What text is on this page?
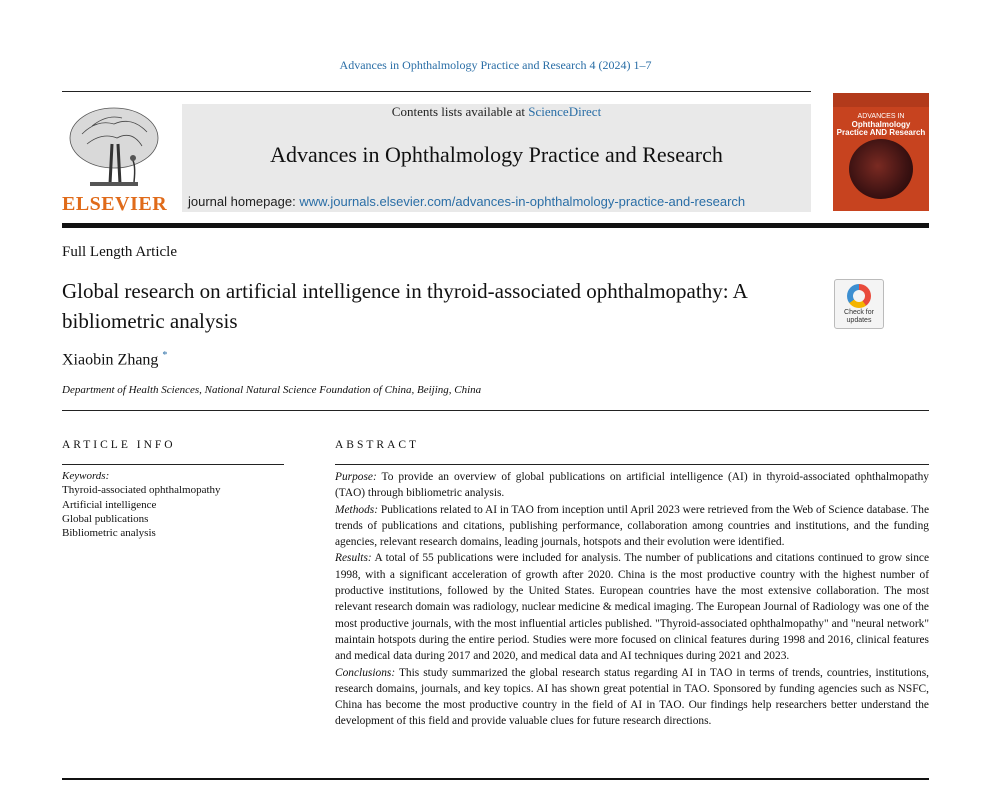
Advances in Ophthalmology Practice and Research 4 (2024) 1–7
ELSEVIER
Contents lists available at ScienceDirect
Advances in Ophthalmology Practice and Research
journal homepage: www.journals.elsevier.com/advances-in-ophthalmology-practice-and-research
ADVANCES IN
Ophthalmology
Practice AND Research
Full Length Article
Global research on artificial intelligence in thyroid-associated ophthalmopathy: A bibliometric analysis
Xiaobin Zhang *
Department of Health Sciences, National Natural Science Foundation of China, Beijing, China
Check for
updates
ARTICLE INFO	ABSTRACT
Keywords:
Thyroid-associated ophthalmopathy
Artificial intelligence
Global publications
Bibliometric analysis

Purpose: To provide an overview of global publications on artificial intelligence (AI) in thyroid-associated ophthalmopathy (TAO) through bibliometric analysis.

Methods: Publications related to AI in TAO from inception until April 2023 were retrieved from the Web of Science database. The trends of publications and citations, publishing performance, collaboration among countries and institutions, and the funding agencies, relevant research domains, leading journals, hotspots and their evolution were identified.

Results: A total of 55 publications were included for analysis. The number of publications and citations continued to grow since 1998, with a significant acceleration of growth after 2020. China is the most productive country with the highest number of productive institutions, followed by the United States. European countries have the most extensive collaboration. The most relevant research domain was radiology, nuclear medicine & medical imaging. The European Journal of Radiology was one of the most productive journals, with the most influential articles published. "Thyroid-associated ophthalmopathy" and "neural network" maintain hotspots during the entire period. Studies were more focused on clinical features during 1998 and 2016, clinical features and medical data during 2017 and 2020, and medical data and AI techniques during 2021 and 2023.

Conclusions: This study summarized the global research status regarding AI in TAO in terms of trends, countries, institutions, research domains, journals, and key topics. AI has shown great potential in TAO. Sponsored by funding agencies such as NSFC, China has become the most productive country in the field of AI in TAO. Our findings help researchers better understand the development of this field and provide valuable clues for future research directions.
